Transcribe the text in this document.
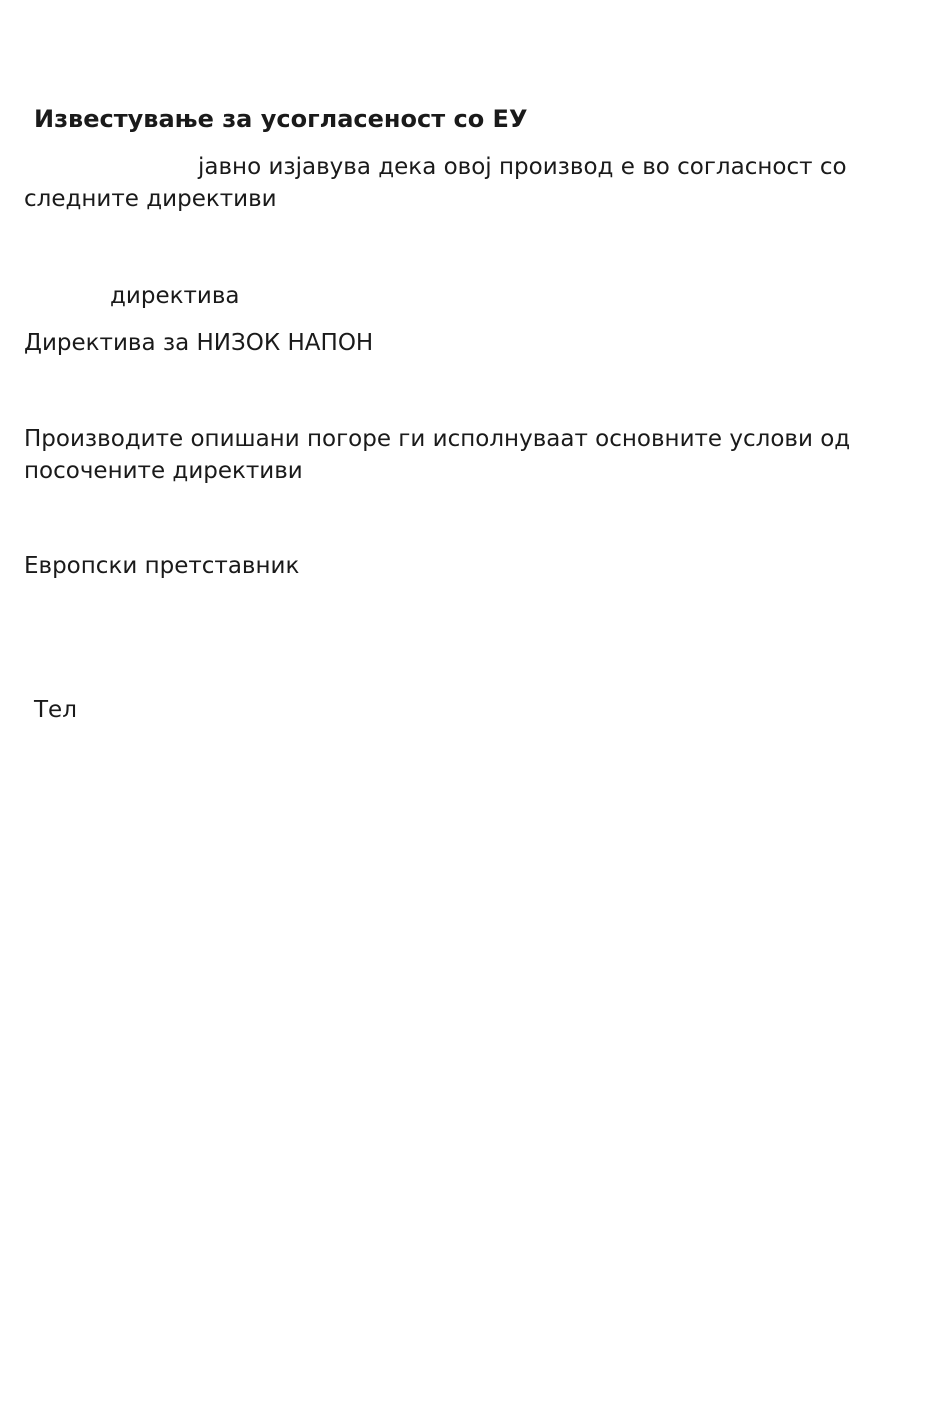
Известување за усогласеност со ЕУ

јавно изјавува дека овој производ е во согласност со

следните директиви

директива

Директива за НИЗОК НАПОН

Производите опишани погоре ги исполнуваат основните услови од

посочените директиви

Европски претставник

Тел
